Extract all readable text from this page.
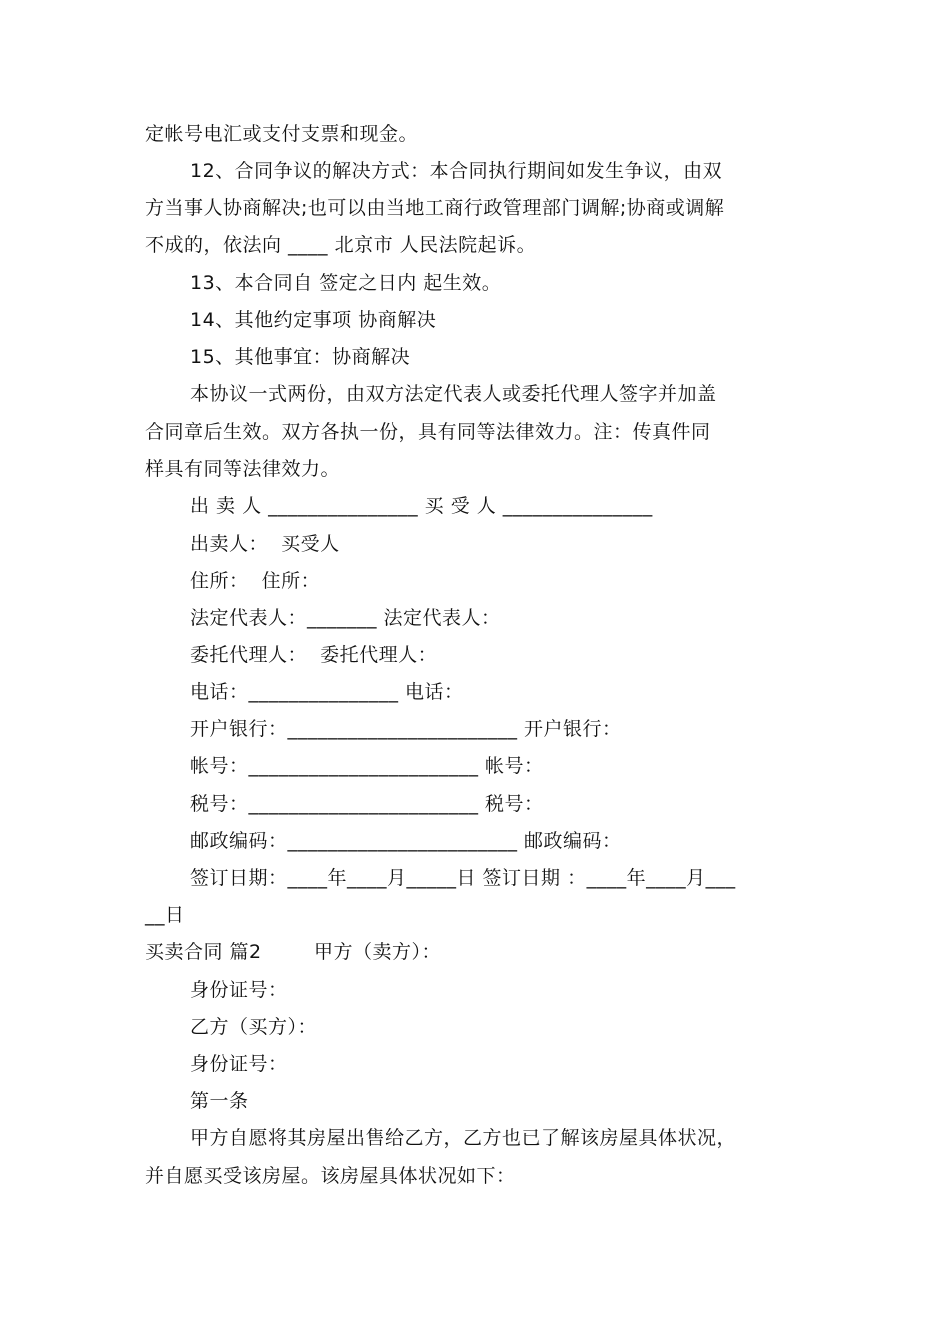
定帐号电汇或支付支票和现金。
12、合同争议的解决方式：本合同执行期间如发生争议，由双
方当事人协商解决;也可以由当地工商行政管理部门调解;协商或调解
不成的，依法向 ____ 北京市 人民法院起诉。
13、本合同自 签定之日内 起生效。
14、其他约定事项 协商解决
15、其他事宜：协商解决
本协议一式两份，由双方法定代表人或委托代理人签字并加盖
合同章后生效。双方各执一份，具有同等法律效力。注：传真件同
样具有同等法律效力。
出 卖 人 _______________ 买 受 人 _______________
出卖人：  买受人
住所：  住所：
法定代表人：_______ 法定代表人：
委托代理人：  委托代理人：
电话：_______________ 电话：
开户银行：_______________________ 开户银行：
帐号：_______________________ 帐号：
税号：_______________________ 税号：
邮政编码：_______________________ 邮政编码：
签订日期：____年____月_____日 签订日期 ：____年____月___
__日
买卖合同 篇2        甲方（卖方）：
身份证号：
乙方（买方）：
身份证号：
第一条
甲方自愿将其房屋出售给乙方，乙方也已了解该房屋具体状况，
并自愿买受该房屋。该房屋具体状况如下：
